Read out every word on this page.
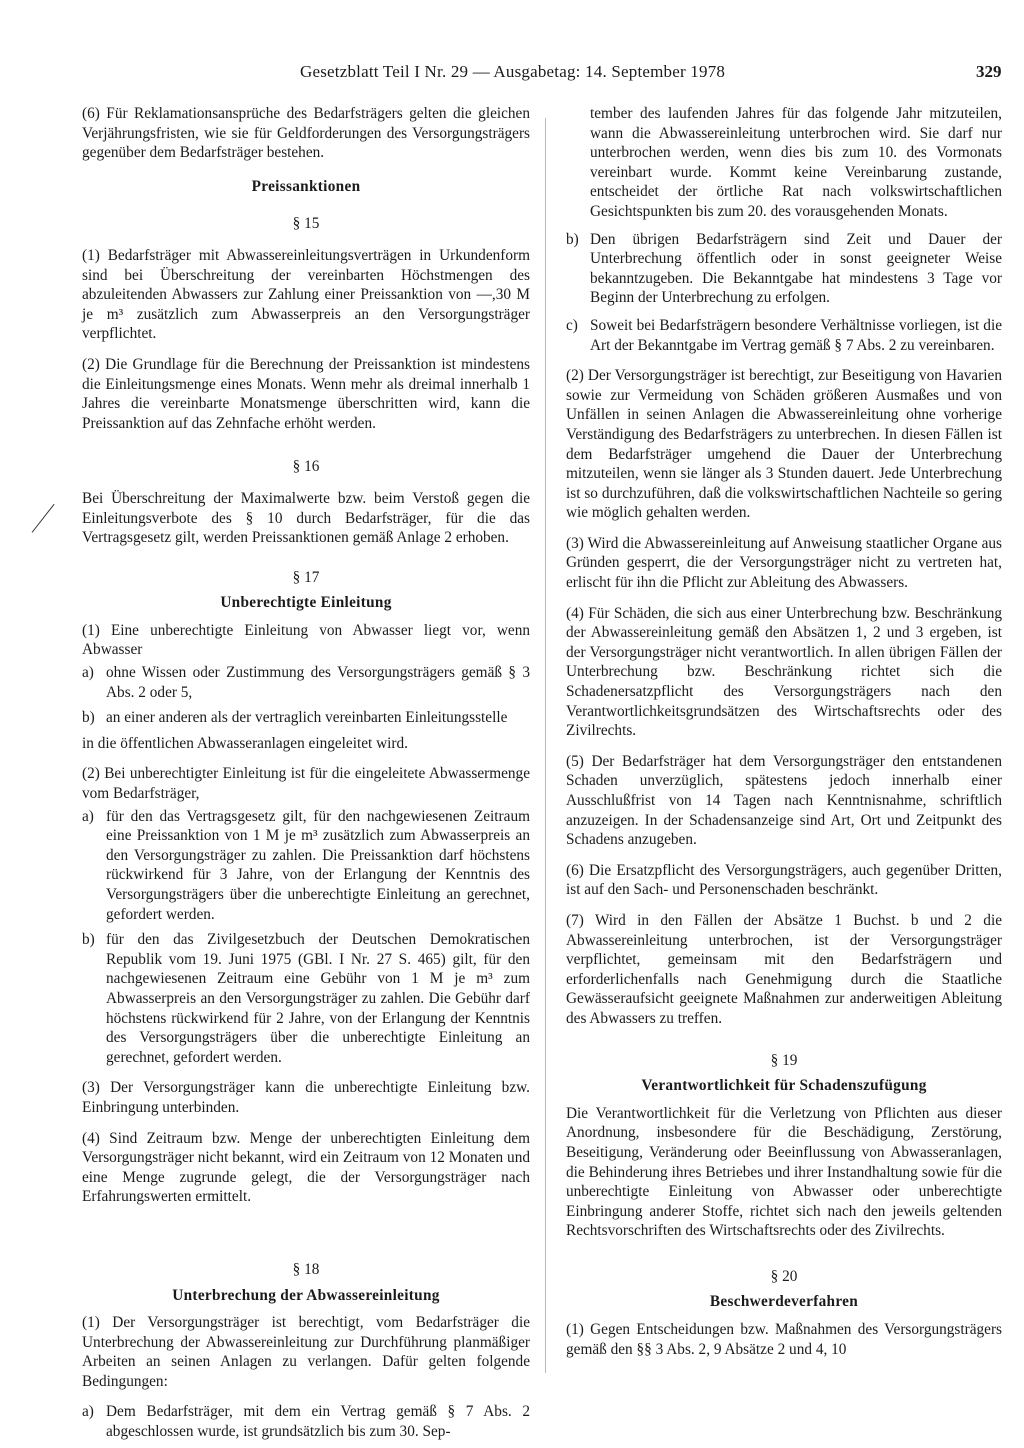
Gesetzblatt Teil I Nr. 29 — Ausgabetag: 14. September 1978	329

(6) Für Reklamationsansprüche des Bedarfsträgers gelten die gleichen Verjährungsfristen, wie sie für Geldforderungen des Versorgungsträgers gegenüber dem Bedarfsträger bestehen.

Preissanktionen
§ 15

(1) Bedarfsträger mit Abwassereinleitungsverträgen in Urkundenform sind bei Überschreitung der vereinbarten Höchstmengen des abzuleitenden Abwassers zur Zahlung einer Preissanktion von —,30 M je m³ zusätzlich zum Abwasserpreis an den Versorgungsträger verpflichtet.

(2) Die Grundlage für die Berechnung der Preissanktion ist mindestens die Einleitungsmenge eines Monats. Wenn mehr als dreimal innerhalb 1 Jahres die vereinbarte Monatsmenge überschritten wird, kann die Preissanktion auf das Zehnfache erhöht werden.

§ 16

Bei Überschreitung der Maximalwerte bzw. beim Verstoß gegen die Einleitungsverbote des § 10 durch Bedarfsträger, für die das Vertragsgesetz gilt, werden Preissanktionen gemäß Anlage 2 erhoben.

§ 17
Unberechtigte Einleitung

(1) Eine unberechtigte Einleitung von Abwasser liegt vor, wenn Abwasser

a) ohne Wissen oder Zustimmung des Versorgungsträgers gemäß § 3 Abs. 2 oder 5,
b) an einer anderen als der vertraglich vereinbarten Einleitungsstelle

in die öffentlichen Abwasseranlagen eingeleitet wird.

(2) Bei unberechtigter Einleitung ist für die eingeleitete Abwassermenge vom Bedarfsträger,

a) für den das Vertragsgesetz gilt, für den nachgewiesenen Zeitraum eine Preissanktion von 1 M je m³ zusätzlich zum Abwasserpreis an den Versorgungsträger zu zahlen. Die Preissanktion darf höchstens rückwirkend für 3 Jahre, von der Erlangung der Kenntnis des Versorgungsträgers über die unberechtigte Einleitung an gerechnet, gefordert werden.
b) für den das Zivilgesetzbuch der Deutschen Demokratischen Republik vom 19. Juni 1975 (GBl. I Nr. 27 S. 465) gilt, für den nachgewiesenen Zeitraum eine Gebühr von 1 M je m³ zum Abwasserpreis an den Versorgungsträger zu zahlen. Die Gebühr darf höchstens rückwirkend für 2 Jahre, von der Erlangung der Kenntnis des Versorgungsträgers über die unberechtigte Einleitung an gerechnet, gefordert werden.

(3) Der Versorgungsträger kann die unberechtigte Einleitung bzw. Einbringung unterbinden.

(4) Sind Zeitraum bzw. Menge der unberechtigten Einleitung dem Versorgungsträger nicht bekannt, wird ein Zeitraum von 12 Monaten und eine Menge zugrunde gelegt, die der Versorgungsträger nach Erfahrungswerten ermittelt.

§ 18
Unterbrechung der Abwassereinleitung

(1) Der Versorgungsträger ist berechtigt, vom Bedarfsträger die Unterbrechung der Abwassereinleitung zur Durchführung planmäßiger Arbeiten an seinen Anlagen zu verlangen. Dafür gelten folgende Bedingungen:

a) Dem Bedarfsträger, mit dem ein Vertrag gemäß § 7 Abs. 2 abgeschlossen wurde, ist grundsätzlich bis zum 30. Sep-
tember des laufenden Jahres für das folgende Jahr mitzuteilen, wann die Abwassereinleitung unterbrochen wird. Sie darf nur unterbrochen werden, wenn dies bis zum 10. des Vormonats vereinbart wurde. Kommt keine Vereinbarung zustande, entscheidet der örtliche Rat nach volkswirtschaftlichen Gesichtspunkten bis zum 20. des vorausgehenden Monats.
b) Den übrigen Bedarfsträgern sind Zeit und Dauer der Unterbrechung öffentlich oder in sonst geeigneter Weise bekanntzugeben. Die Bekanntgabe hat mindestens 3 Tage vor Beginn der Unterbrechung zu erfolgen.
c) Soweit bei Bedarfsträgern besondere Verhältnisse vorliegen, ist die Art der Bekanntgabe im Vertrag gemäß § 7 Abs. 2 zu vereinbaren.

(2) Der Versorgungsträger ist berechtigt, zur Beseitigung von Havarien sowie zur Vermeidung von Schäden größeren Ausmaßes und von Unfällen in seinen Anlagen die Abwassereinleitung ohne vorherige Verständigung des Bedarfsträgers zu unterbrechen. In diesen Fällen ist dem Bedarfsträger umgehend die Dauer der Unterbrechung mitzuteilen, wenn sie länger als 3 Stunden dauert. Jede Unterbrechung ist so durchzuführen, daß die volkswirtschaftlichen Nachteile so gering wie möglich gehalten werden.

(3) Wird die Abwassereinleitung auf Anweisung staatlicher Organe aus Gründen gesperrt, die der Versorgungsträger nicht zu vertreten hat, erlischt für ihn die Pflicht zur Ableitung des Abwassers.

(4) Für Schäden, die sich aus einer Unterbrechung bzw. Beschränkung der Abwassereinleitung gemäß den Absätzen 1, 2 und 3 ergeben, ist der Versorgungsträger nicht verantwortlich. In allen übrigen Fällen der Unterbrechung bzw. Beschränkung richtet sich die Schadenersatzpflicht des Versorgungsträgers nach den Verantwortlichkeitsgrundsätzen des Wirtschaftsrechts oder des Zivilrechts.

(5) Der Bedarfsträger hat dem Versorgungsträger den entstandenen Schaden unverzüglich, spätestens jedoch innerhalb einer Ausschlußfrist von 14 Tagen nach Kenntnisnahme, schriftlich anzuzeigen. In der Schadensanzeige sind Art, Ort und Zeitpunkt des Schadens anzugeben.

(6) Die Ersatzpflicht des Versorgungsträgers, auch gegenüber Dritten, ist auf den Sach- und Personenschaden beschränkt.

(7) Wird in den Fällen der Absätze 1 Buchst. b und 2 die Abwassereinleitung unterbrochen, ist der Versorgungsträger verpflichtet, gemeinsam mit den Bedarfsträgern und erforderlichenfalls nach Genehmigung durch die Staatliche Gewässeraufsicht geeignete Maßnahmen zur anderweitigen Ableitung des Abwassers zu treffen.

§ 19
Verantwortlichkeit für Schadenszufügung

Die Verantwortlichkeit für die Verletzung von Pflichten aus dieser Anordnung, insbesondere für die Beschädigung, Zerstörung, Beseitigung, Veränderung oder Beeinflussung von Abwasseranlagen, die Behinderung ihres Betriebes und ihrer Instandhaltung sowie für die unberechtigte Einleitung von Abwasser oder unberechtigte Einbringung anderer Stoffe, richtet sich nach den jeweils geltenden Rechtsvorschriften des Wirtschaftsrechts oder des Zivilrechts.

§ 20
Beschwerdeverfahren

(1) Gegen Entscheidungen bzw. Maßnahmen des Versorgungsträgers gemäß den §§ 3 Abs. 2, 9 Absätze 2 und 4, 10
